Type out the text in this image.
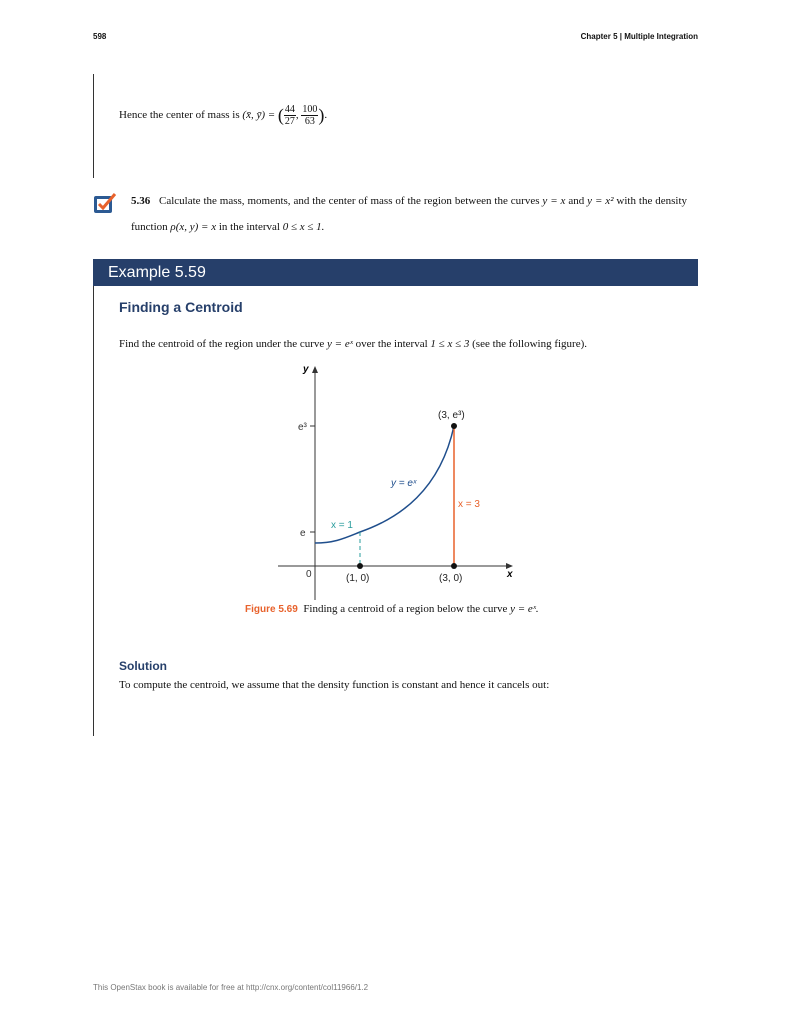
598	Chapter 5 | Multiple Integration
Hence the center of mass is (x̄, ȳ) = ( $\frac{44}{27}$ , $\frac{100}{63}$ ).
5.36 Calculate the mass, moments, and the center of mass of the region between the curves y = x and y = x² with the density function ρ(x, y) = x in the interval 0 ≤ x ≤ 1.
Example 5.59
Finding a Centroid
Find the centroid of the region under the curve y = eˣ over the interval 1 ≤ x ≤ 3 (see the following figure).
y
x
0
e
e³
y = eˣ
x = 1
x = 3
(1, 0)	(3, 0)
(3, e³)
Figure 5.69 Finding a centroid of a region below the curve y = eˣ.
Solution
To compute the centroid, we assume that the density function is constant and hence it cancels out:
This OpenStax book is available for free at http://cnx.org/content/col11966/1.2
